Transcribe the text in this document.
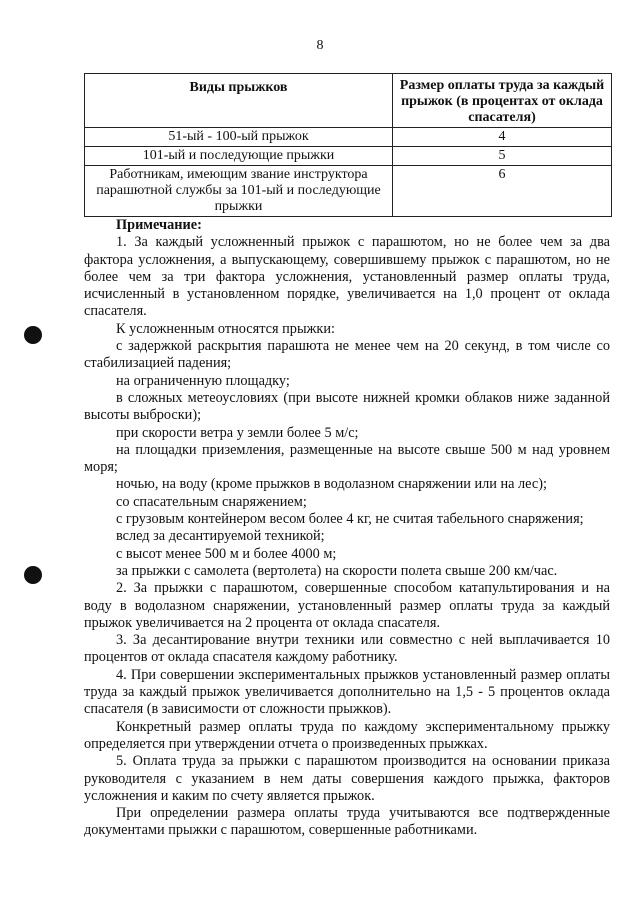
8
Виды прыжков	Размер оплаты труда за каждый прыжок (в процентах от оклада спасателя)
51-ый - 100-ый прыжок	4
101-ый и последующие прыжки	5
Работникам, имеющим звание инструктора парашютной службы за 101-ый и последующие прыжки	6

Примечание:

1. За каждый усложненный прыжок с парашютом, но не более чем за два фактора усложнения, а выпускающему, совершившему прыжок с парашютом, но не более чем за три фактора усложнения, установленный размер оплаты труда, исчисленный в установленном порядке, увеличивается на 1,0 процент от оклада спасателя.

К усложненным относятся прыжки:

с задержкой раскрытия парашюта не менее чем на 20 секунд, в том числе со стабилизацией падения;

на ограниченную площадку;

в сложных метеоусловиях (при высоте нижней кромки облаков ниже заданной высоты выброски);

при скорости ветра у земли более 5 м/с;

на площадки приземления, размещенные на высоте свыше 500 м над уровнем моря;

ночью, на воду (кроме прыжков в водолазном снаряжении или на лес);

со спасательным снаряжением;

с грузовым контейнером весом более 4 кг, не считая табельного снаряжения;

вслед за десантируемой техникой;

с высот менее 500 м и более 4000 м;

за прыжки с самолета (вертолета) на скорости полета свыше 200 км/час.

2. За прыжки с парашютом, совершенные способом катапультирования и на воду в водолазном снаряжении, установленный размер оплаты труда за каждый прыжок увеличивается на 2 процента от оклада спасателя.

3. За десантирование внутри техники или совместно с ней выплачивается 10 процентов от оклада спасателя каждому работнику.

4. При совершении экспериментальных прыжков установленный размер оплаты труда за каждый прыжок увеличивается дополнительно на 1,5 - 5 процентов оклада спасателя (в зависимости от сложности прыжков).

Конкретный размер оплаты труда по каждому экспериментальному прыжку определяется при утверждении отчета о произведенных прыжках.

5. Оплата труда за прыжки с парашютом производится на основании приказа руководителя с указанием в нем даты совершения каждого прыжка, факторов усложнения и каким по счету является прыжок.

При определении размера оплаты труда учитываются все подтвержденные документами прыжки с парашютом, совершенные работниками.
